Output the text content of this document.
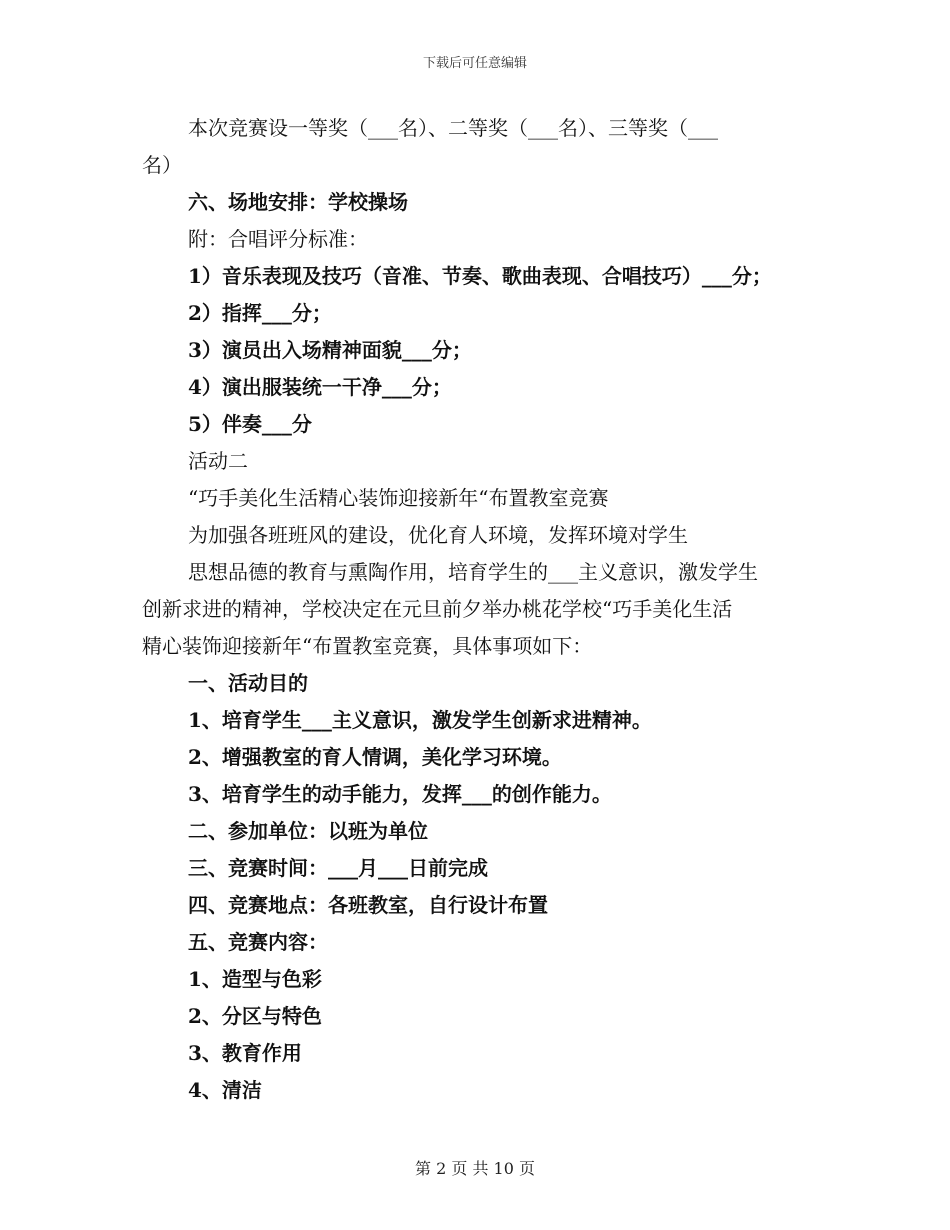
下载后可任意编辑
本次竞赛设一等奖（___名）、二等奖（___名）、三等奖（___
名）
六、场地安排：学校操场
附：合唱评分标准：
1）音乐表现及技巧（音准、节奏、歌曲表现、合唱技巧）___分；
2）指挥___分；
3）演员出入场精神面貌___分；
4）演出服装统一干净___分；
5）伴奏___分
活动二
“巧手美化生活精心装饰迎接新年“布置教室竞赛
为加强各班班风的建设，优化育人环境，发挥环境对学生
思想品德的教育与熏陶作用，培育学生的___主义意识，激发学生
创新求进的精神，学校决定在元旦前夕举办桃花学校“巧手美化生活
精心装饰迎接新年“布置教室竞赛，具体事项如下：
一、活动目的
1、培育学生___主义意识，激发学生创新求进精神。
2、增强教室的育人情调，美化学习环境。
3、培育学生的动手能力，发挥___的创作能力。
二、参加单位：以班为单位
三、竞赛时间：___月___日前完成
四、竞赛地点：各班教室，自行设计布置
五、竞赛内容：
1、造型与色彩
2、分区与特色
3、教育作用
4、清洁
第 2 页 共 10 页
